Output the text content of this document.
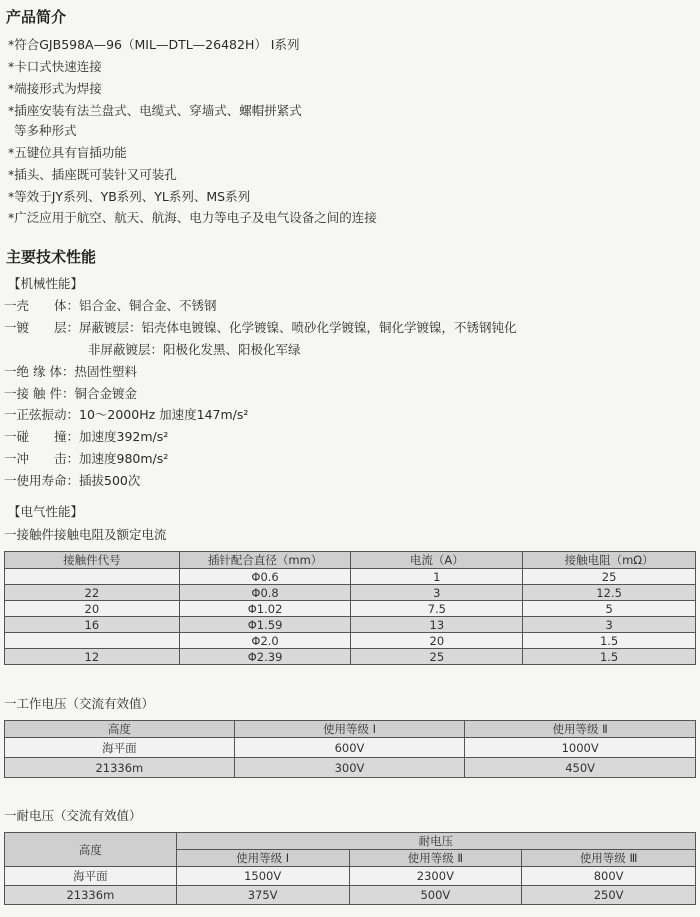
产品简介
*符合GJB598A—96（MIL—DTL—26482H） Ⅰ系列
*卡口式快速连接
*端接形式为焊接
*插座安装有法兰盘式、电缆式、穿墙式、螺帽拼紧式
等多种形式
*五键位具有盲插功能
*插头、插座既可装针又可装孔
*等效于JY系列、YB系列、YL系列、MS系列
*广泛应用于航空、航天、航海、电力等电子及电气设备之间的连接
主要技术性能
【机械性能】
一壳　　体：铝合金、铜合金、不锈钢
一镀　　层：屏蔽镀层：铝壳体电镀镍、化学镀镍、喷砂化学镀镍，铜化学镀镍，不锈钢钝化
非屏蔽镀层：阳极化发黑、阳极化军绿
一绝 缘 体：热固性塑料
一接 触 件：铜合金镀金
一正弦振动：10～2000Hz 加速度147m/s²
一碰　　撞：加速度392m/s²
一冲　　击：加速度980m/s²
一使用寿命：插拔500次
【电气性能】
一接触件接触电阻及额定电流
接触件代号	插针配合直径（mm）	电流（A）	接触电阻（mΩ）
	Φ0.6	1	25
22	Φ0.8	3	12.5
20	Φ1.02	7.5	5
16	Φ1.59	13	3
	Φ2.0	20	1.5
12	Φ2.39	25	1.5
一工作电压（交流有效值）
高度	使用等级 Ⅰ	使用等级 Ⅱ
海平面	600V	1000V
21336m	300V	450V
一耐电压（交流有效值）
高度	耐电压		
	使用等级 Ⅰ	使用等级 Ⅱ	使用等级 Ⅲ
海平面	1500V	2300V	800V
21336m	375V	500V	250V
